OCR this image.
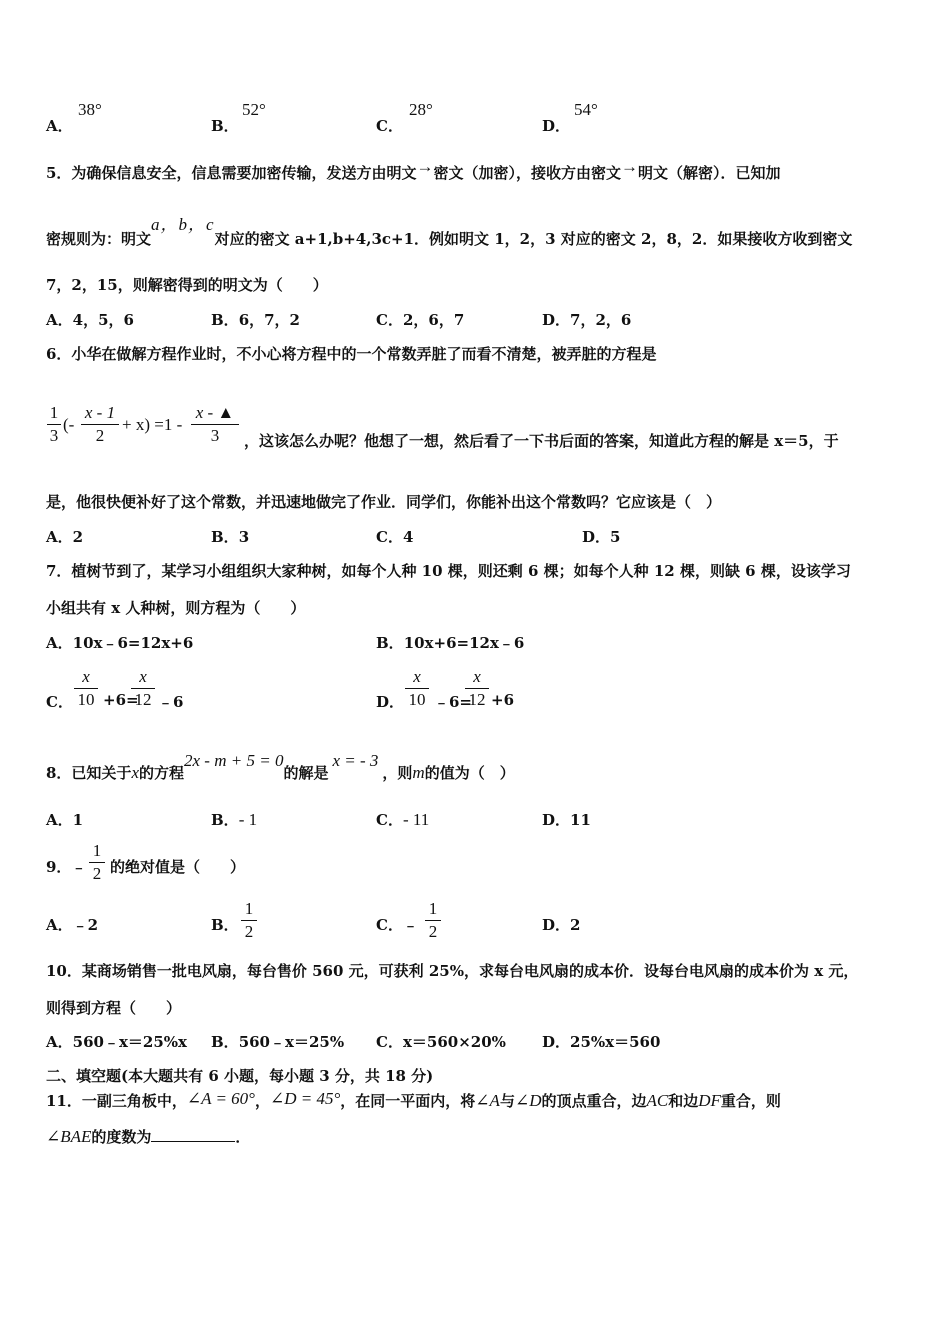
A．
38°
B．
52°
C．
28°
D．
54°
5．为确保信息安全，信息需要加密传输，发送方由明文→密文（加密），接收方由密文→明文（解密）．已知加
密规则为：明文a，b，c对应的密文 a+1,b+4,3c+1．例如明文 1，2，3 对应的密文 2，8，2．如果接收方收到密文
7，2，15，则解密得到的明文为（　　）
A．4，5，6	B．6，7，2	C．2，6，7	D．7，2，6
6．小华在做解方程作业时，不小心将方程中的一个常数弄脏了而看不清楚，被弄脏的方程是
1
3
(-
x - 1
2
+ x) =1 -
x - ▲
3	，这该怎么办呢？他想了一想，然后看了一下书后面的答案，知道此方程的解是 x＝5，于
是，他很快便补好了这个常数，并迅速地做完了作业．同学们，你能补出这个常数吗？它应该是（　）
A．2	B．3	C．4	D．5
7．植树节到了，某学习小组组织大家种树，如每个人种 10 棵，则还剩 6 棵；如每个人种 12 棵，则缺 6 棵，设该学习
小组共有 x 人种树，则方程为（　　）
A．10x﹣6=12x+6	B．10x+6=12x﹣6
C．
x
10 +6=
x
12 ﹣6	D．
x
10 ﹣6=
x
12 +6
8．已知关于x的方程2x - m + 5 = 0的解是x = - 3，则m的值为（　）
A．1	B．- 1	C．- 11	D．11
9．﹣
1
2 的绝对值是（　　）
A．﹣2	B．
1
2	C．﹣
1
2	D．2
10．某商场销售一批电风扇，每台售价 560 元，可获利 25%，求每台电风扇的成本价．设每台电风扇的成本价为 x 元，
则得到方程（　　）
A．560﹣x＝25%x B．560﹣x＝25% C．x＝560×20% D．25%x＝560
二、填空题(本大题共有 6 小题，每小题 3 分，共 18 分)
11．一副三角板中，∠A = 60°，∠D = 45°，在同一平面内，将∠A与∠D的顶点重合，边AC和边DF重合，则
∠BAE的度数为	．
